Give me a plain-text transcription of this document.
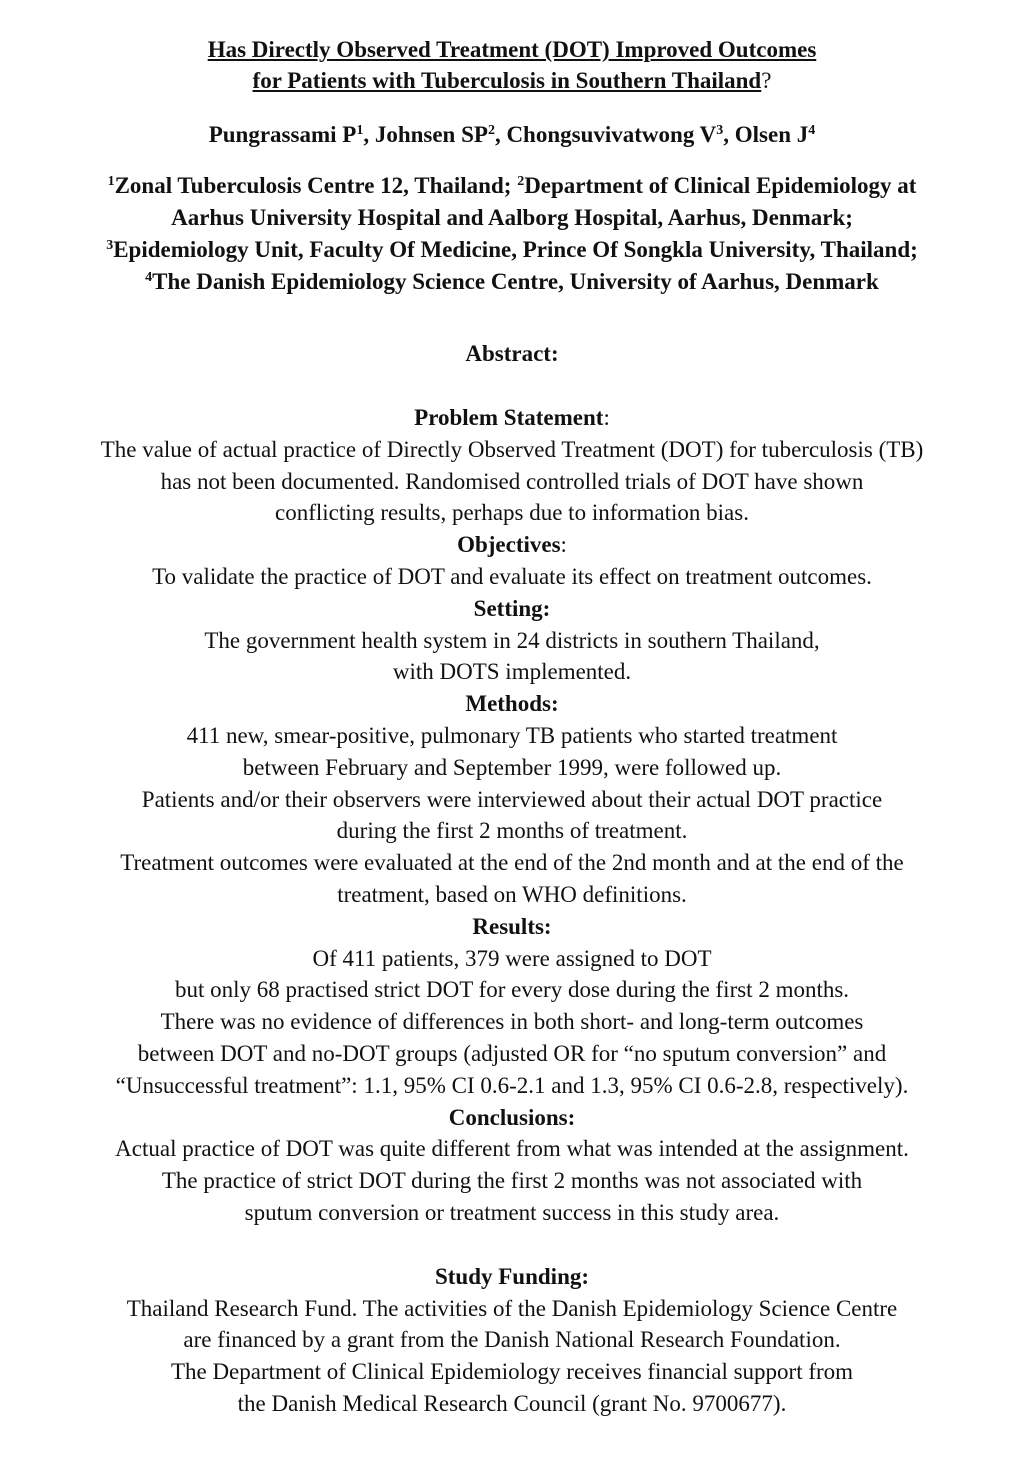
Has Directly Observed Treatment (DOT) Improved Outcomes
for Patients with Tuberculosis in Southern Thailand?
Pungrassami $P^1$, Johnsen $SP^2$, Chongsuvivatwong $V^3$, Olsen $J^4$
$^1$Zonal Tuberculosis Centre 12, Thailand; $^2$Department of Clinical Epidemiology at
Aarhus University Hospital and Aalborg Hospital, Aarhus, Denmark;
$^3$Epidemiology Unit, Faculty Of Medicine, Prince Of Songkla University, Thailand;
$^4$The Danish Epidemiology Science Centre, University of Aarhus, Denmark
Abstract:
Problem Statement:
The value of actual practice of Directly Observed Treatment (DOT) for tuberculosis (TB)
has not been documented. Randomised controlled trials of DOT have shown
conflicting results, perhaps due to information bias.
Objectives:
To validate the practice of DOT and evaluate its effect on treatment outcomes.
Setting:
The government health system in 24 districts in southern Thailand,
with DOTS implemented.
Methods:
411 new, smear-positive, pulmonary TB patients who started treatment
between February and September 1999, were followed up.
Patients and/or their observers were interviewed about their actual DOT practice
during the first 2 months of treatment.
Treatment outcomes were evaluated at the end of the 2nd month and at the end of the
treatment, based on WHO definitions.
Results:
Of 411 patients, 379 were assigned to DOT
but only 68 practised strict DOT for every dose during the first 2 months.
There was no evidence of differences in both short- and long-term outcomes
between DOT and no-DOT groups (adjusted OR for “no sputum conversion” and
“Unsuccessful treatment”: 1.1, 95% CI 0.6-2.1 and 1.3, 95% CI 0.6-2.8, respectively).
Conclusions:
Actual practice of DOT was quite different from what was intended at the assignment.
The practice of strict DOT during the first 2 months was not associated with
sputum conversion or treatment success in this study area.
Study Funding:
Thailand Research Fund. The activities of the Danish Epidemiology Science Centre
are financed by a grant from the Danish National Research Foundation.
The Department of Clinical Epidemiology receives financial support from
the Danish Medical Research Council (grant No. 9700677).
